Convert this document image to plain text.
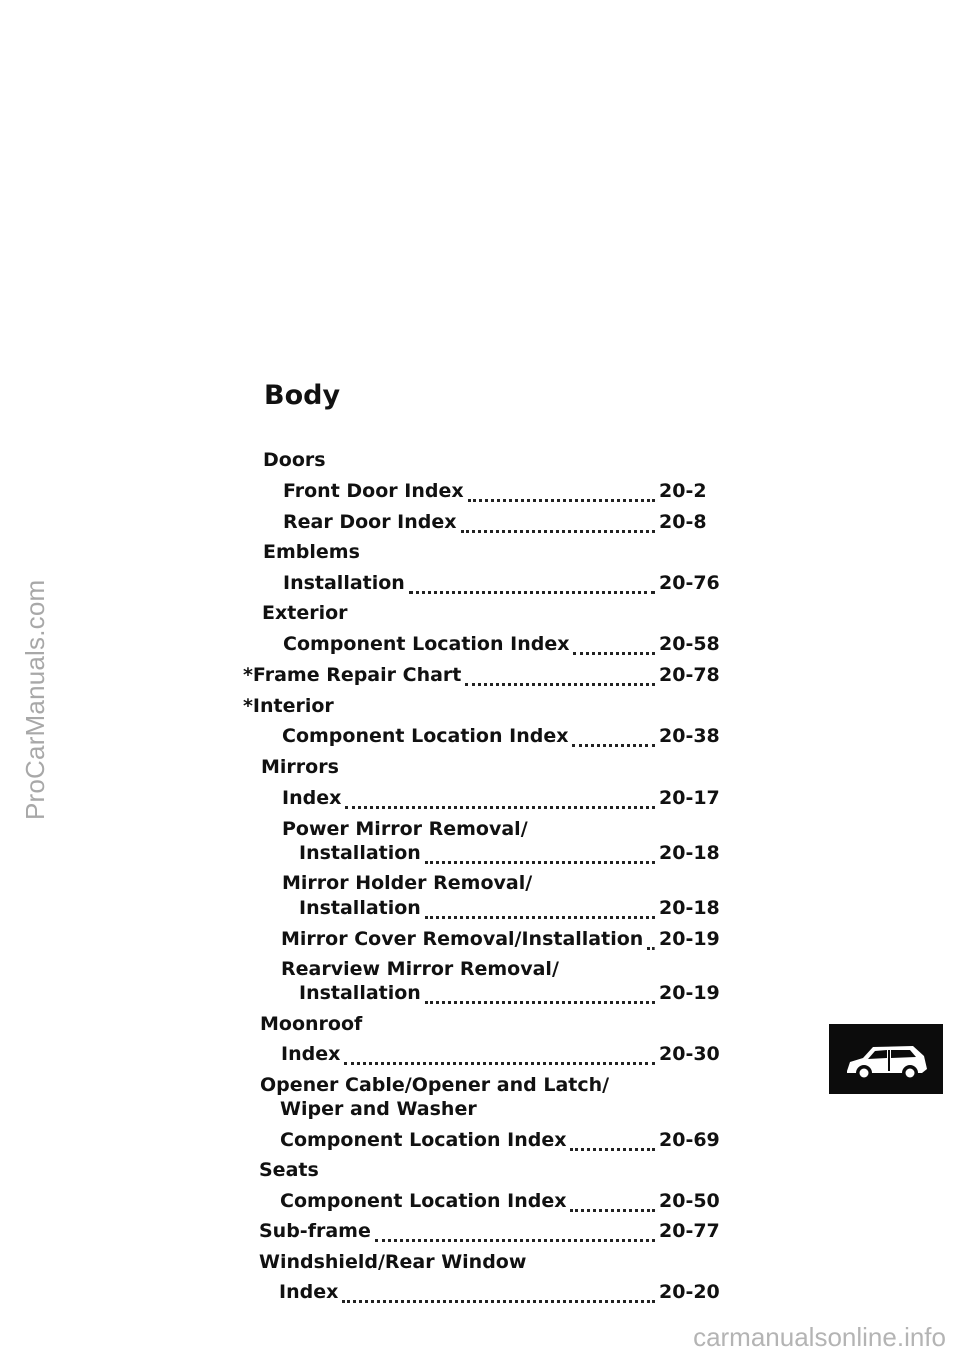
ProCarManuals.com
Body
Doors
Front Door Index	20-2
Rear Door Index	20-8
Emblems
Installation	20-76
Exterior
Component Location Index	20-58
*Frame Repair Chart	20-78
*Interior
Component Location Index	20-38
Mirrors
Index	20-17
Power Mirror Removal/
Installation	20-18
Mirror Holder Removal/
Installation	20-18
Mirror Cover Removal/Installation 20-19
Rearview Mirror Removal/
Installation	20-19
Moonroof
Index	20-30
Opener Cable/Opener and Latch/
Wiper and Washer
Component Location Index	20-69
Seats
Component Location Index	20-50
Sub-frame	20-77
Windshield/Rear Window
Index	20-20
carmanualsonline.info
